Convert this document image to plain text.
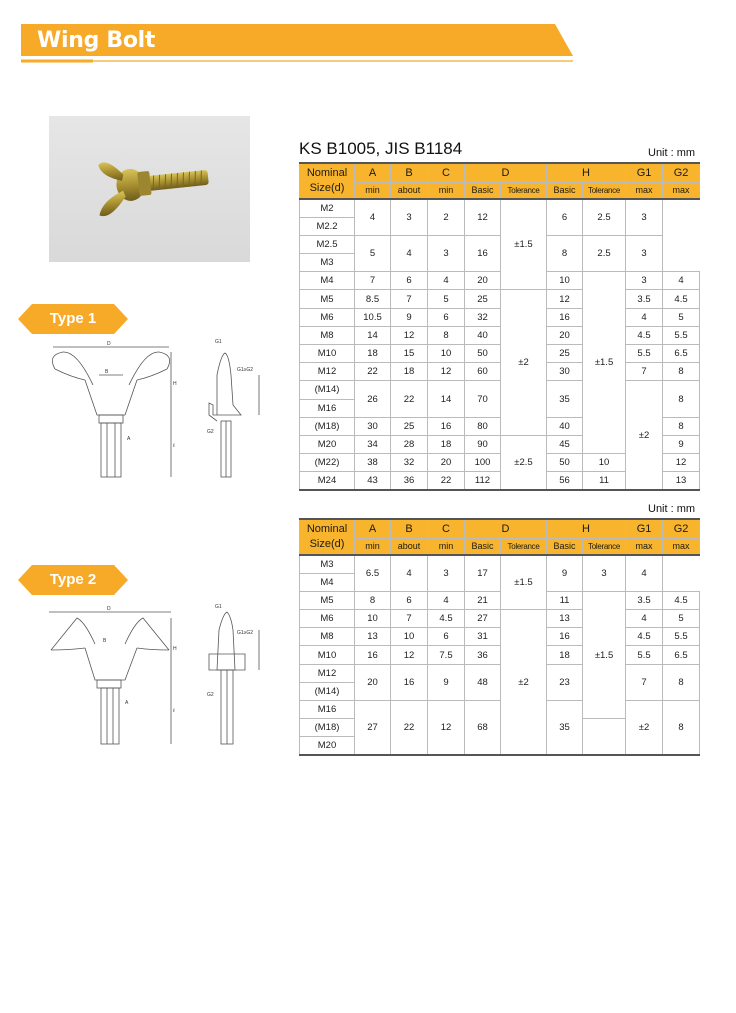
Wing Bolt
Type 1
D
B
H
A
ℓ
G1
G1≥G2
G2
Type 2
D
B
H
A
ℓ
G1
G1≥G2
G2
KS B1005, JIS B1184	Unit : mm
Unit : mm
Nominal
Size(d)	A	B	C	D		H		G1	G2	
	min	about	min	Basic	Tolerance	Basic	Tolerance	max	max	
M2	4	3	2	12	±1.5	6	2.5	3		
M2.2										
M2.5	5	4	3	16		8	2.5	3		
M3										
M4	7	6	4	20		10	±1.5	3	4	
M5	8.5	7	5	25	±2	12		3.5	4.5	
M6	10.5	9	6	32		16		4	5	
M8	14	12	8	40		20		4.5	5.5	
M10	18	15	10	50		25		5.5	6.5	
M12	22	18	12	60		30		7	8	
(M14)	26	22	14	70		35		±2	8	
M16										
(M18)	30	25	16	80		40			8	
M20	34	28	18	90	±2.5	45			9	
(M22)	38	32	20	100		50	10		12	
M24	43	36	22	112		56	11		13	
Nominal
Size(d)	A	B	C	D		H		G1	G2	
	min	about	min	Basic	Tolerance	Basic	Tolerance	max	max	
M3	6.5	4	3	17	±1.5	9	3	4		
M4										
M5	8	6	4	21		11	±1.5	3.5	4.5	
M6	10	7	4.5	27	±2	13		4	5	
M8	13	10	6	31		16		4.5	5.5	
M10	16	12	7.5	36		18		5.5	6.5	
M12	20	16	9	48		23		7	8	
(M14)										
M16	27	22	12	68		35		±2	8	
(M18)										
M20										
